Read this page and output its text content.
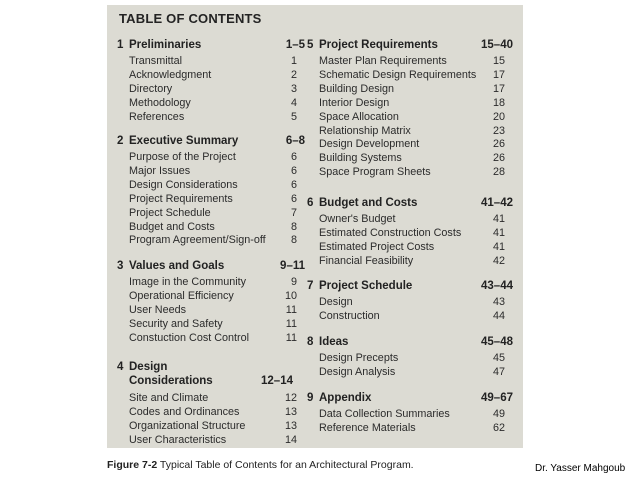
TABLE OF CONTENTS
1 Preliminaries	1–5
Transmittal	1
Acknowledgment	2
Directory	3
Methodology	4
References	5
2 Executive Summary	6–8
Purpose of the Project	6
Major Issues	6
Design Considerations	6
Project Requirements	6
Project Schedule	7
Budget and Costs	8
Program Agreement/Sign-off 8
3 Values and Goals	9–11
Image in the Community	9
Operational Efficiency	10
User Needs	11
Security and Safety	11
Constuction Cost Control	11
4 Design
Considerations	12–14
Site and Climate	12
Codes and Ordinances	13
Organizational Structure	13
User Characteristics	14
5 Project Requirements	15–40
Master Plan Requirements	15
Schematic Design Requirements 17
Building Design	17
Interior Design	18
Space Allocation	20
Relationship Matrix	23
Design Development	26
Building Systems	26
Space Program Sheets	28
6 Budget and Costs	41–42
Owner's Budget	41
Estimated Construction Costs	41
Estimated Project Costs	41
Financial Feasibility	42
7 Project Schedule	43–44
Design	43
Construction	44
8 Ideas	45–48
Design Precepts	45
Design Analysis	47
9 Appendix	49–67
Data Collection Summaries	49
Reference Materials	62
Figure 7-2 Typical Table of Contents for an Architectural Program.	Dr. Yasser Mahgoub
